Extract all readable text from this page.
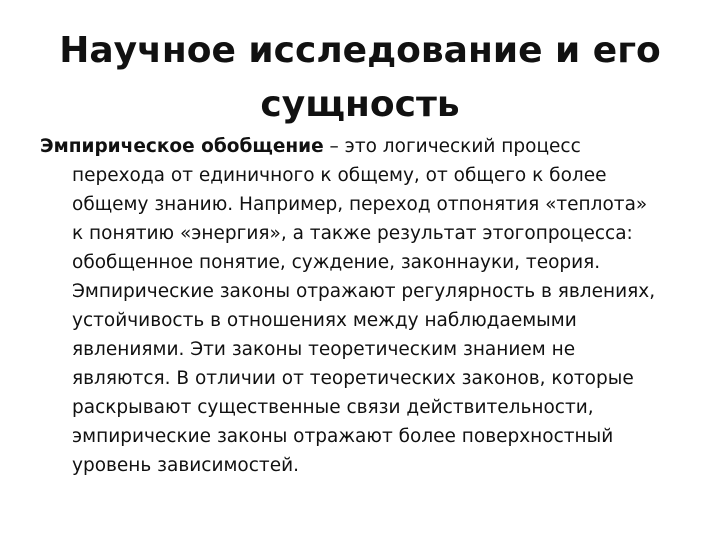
Научное исследование и его
сущность
Эмпирическое обобщение – это логический процесс
перехода от единичного к общему, от общего к более
общему знанию. Например, переход отпонятия «теплота»
к понятию «энергия», а также результат этогопроцесса:
обобщенное понятие, суждение, законнауки, теория.
Эмпирические законы отражают регулярность в явлениях,
устойчивость в отношениях между наблюдаемыми
явлениями. Эти законы теоретическим знанием не
являются. В отличии от теоретических законов, которые
раскрывают существенные связи действительности,
эмпирические законы отражают более поверхностный
уровень зависимостей.
